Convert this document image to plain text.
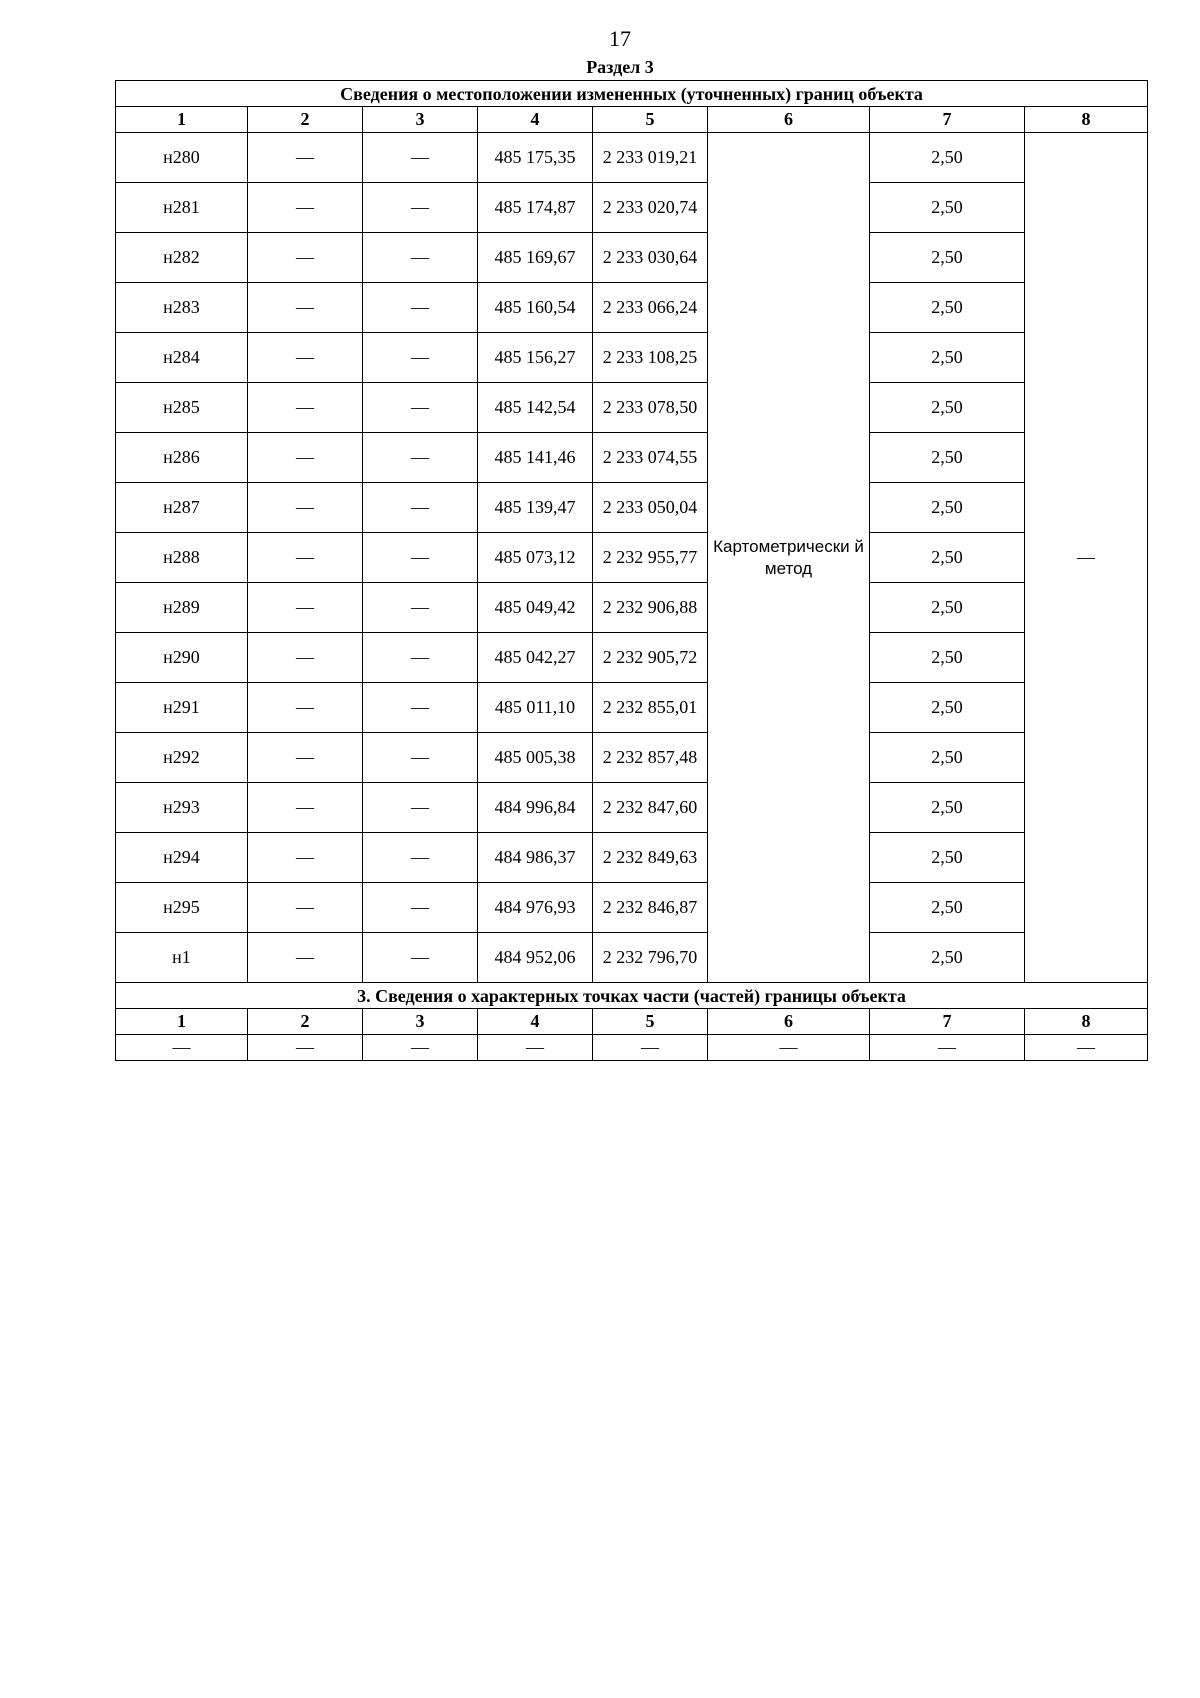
17
Раздел 3
Сведения о местоположении измененных (уточненных) границ объекта							
1	2	3	4	5	6	7	8
н280	—	—	485 175,35	2 233 019,21	Картометрически й метод	2,50	—
н281	—	—	485 174,87	2 233 020,74		2,50	
н282	—	—	485 169,67	2 233 030,64		2,50	
н283	—	—	485 160,54	2 233 066,24		2,50	
н284	—	—	485 156,27	2 233 108,25		2,50	
н285	—	—	485 142,54	2 233 078,50		2,50	
н286	—	—	485 141,46	2 233 074,55		2,50	
н287	—	—	485 139,47	2 233 050,04		2,50	
н288	—	—	485 073,12	2 232 955,77		2,50	
н289	—	—	485 049,42	2 232 906,88		2,50	
н290	—	—	485 042,27	2 232 905,72		2,50	
н291	—	—	485 011,10	2 232 855,01		2,50	
н292	—	—	485 005,38	2 232 857,48		2,50	
н293	—	—	484 996,84	2 232 847,60		2,50	
н294	—	—	484 986,37	2 232 849,63		2,50	
н295	—	—	484 976,93	2 232 846,87		2,50	
н1	—	—	484 952,06	2 232 796,70		2,50	
3. Сведения о характерных точках части (частей) границы объекта							
1	2	3	4	5	6	7	8
—	—	—	—	—	—	—	—
